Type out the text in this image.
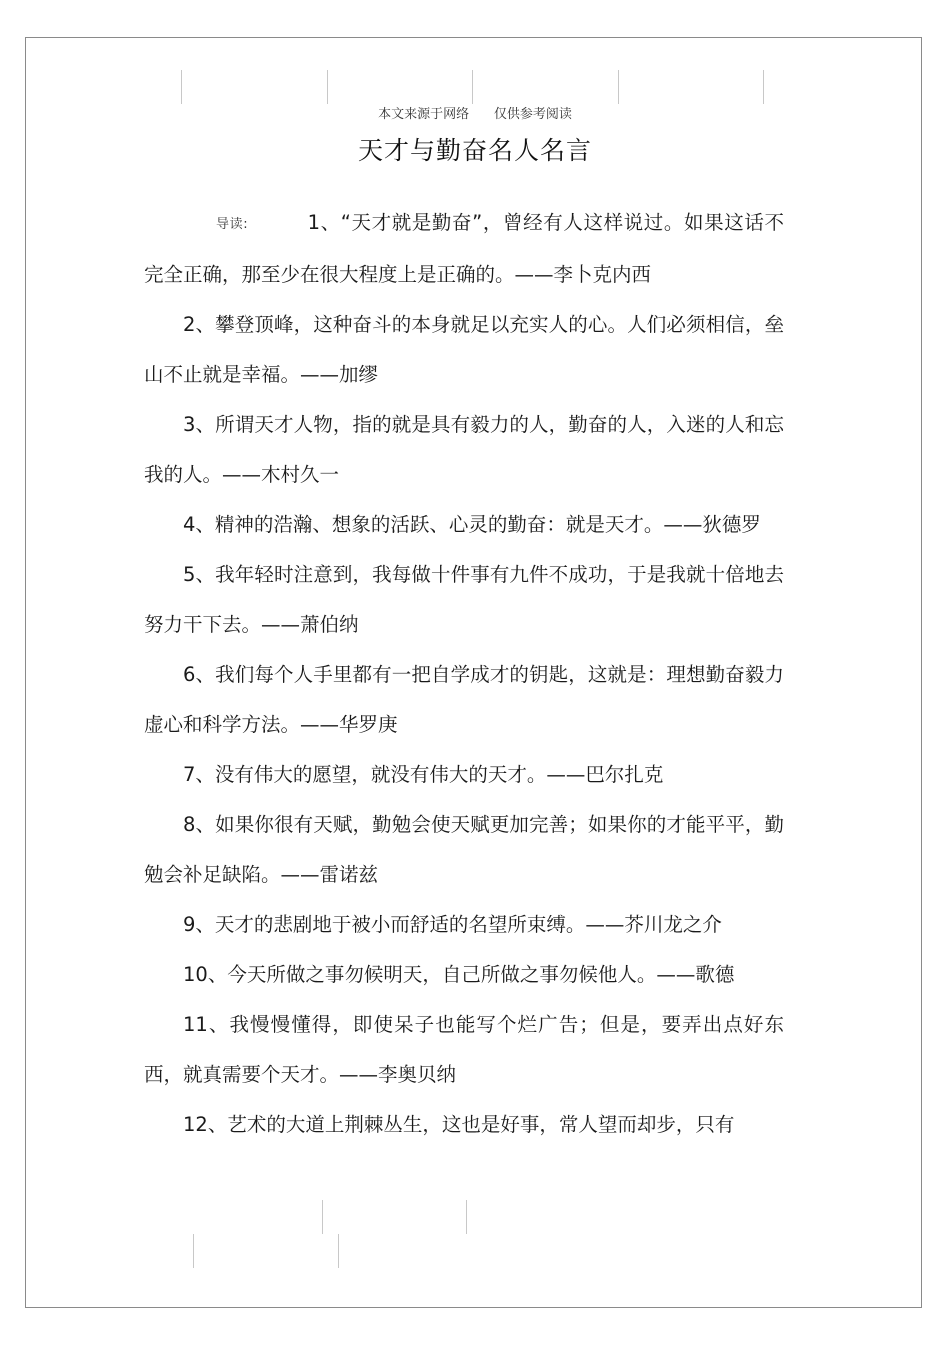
本文来源于网络      仅供参考阅读
天才与勤奋名人名言

导读:	1、“天才就是勤奋”，曾经有人这样说过。如果这话不完全正确，那至少在很大程度上是正确的。——李卜克内西

2、攀登顶峰，这种奋斗的本身就足以充实人的心。人们必须相信，垒山不止就是幸福。——加缪

3、所谓天才人物，指的就是具有毅力的人，勤奋的人，入迷的人和忘我的人。——木村久一

4、精神的浩瀚、想象的活跃、心灵的勤奋：就是天才。——狄德罗

5、我年轻时注意到，我每做十件事有九件不成功，于是我就十倍地去努力干下去。——萧伯纳

6、我们每个人手里都有一把自学成才的钥匙，这就是：理想勤奋毅力虚心和科学方法。——华罗庚

7、没有伟大的愿望，就没有伟大的天才。——巴尔扎克

8、如果你很有天赋，勤勉会使天赋更加完善；如果你的才能平平，勤勉会补足缺陷。——雷诺兹

9、天才的悲剧地于被小而舒适的名望所束缚。——芥川龙之介

10、今天所做之事勿候明天，自己所做之事勿候他人。——歌德

11、我慢慢懂得，即使呆子也能写个烂广告；但是，要弄出点好东西，就真需要个天才。——李奥贝纳

12、艺术的大道上荆棘丛生，这也是好事，常人望而却步，只有
